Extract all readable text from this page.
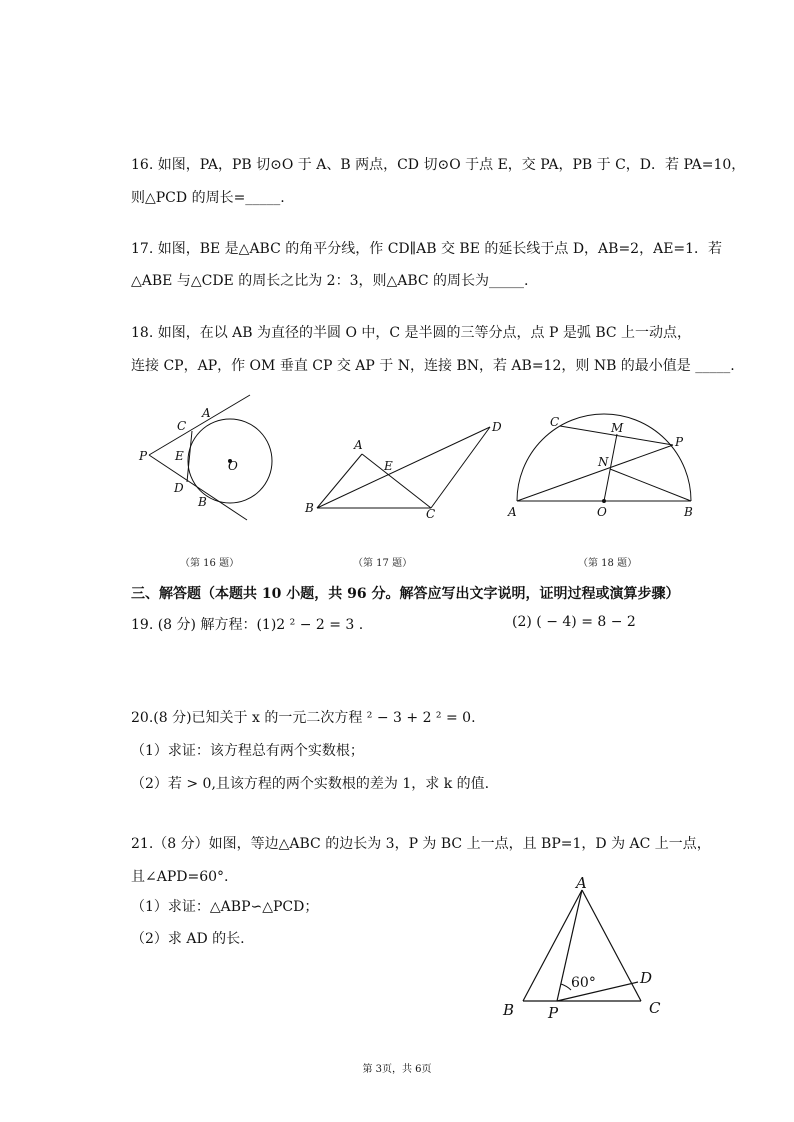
16. 如图，PA，PB 切⊙O 于 A、B 两点，CD 切⊙O 于点 E，交 PA，PB 于 C，D．若 PA=10，
则△PCD 的周长=_____.
17. 如图，BE 是△ABC 的角平分线，作 CD∥AB 交 BE 的延长线于点 D，AB=2，AE=1．若
△ABE 与△CDE 的周长之比为 2：3，则△ABC 的周长为_____.
18. 如图，在以 AB 为直径的半圆 O 中，C 是半圆的三等分点，点 P 是弧 BC 上一动点，
连接 CP，AP，作 OM 垂直 CP 交 AP 于 N，连接 BN，若 AB=12，则 NB 的最小值是 _____.
A
C
P E
O
D
B
（第 16 题）
A
D
E
B	C
（第 17 题）
C	M
P
N
A	O	B
（第 18 题）
三、解答题（本题共 10 小题，共 96 分。解答应写出文字说明，证明过程或演算步骤）
19. (8 分) 解方程：(1)2 ² − 2 = 3 .	(2) ( − 4) = 8 − 2
20.(8 分)已知关于 x 的一元二次方程 ² − 3 + 2 ² = 0.
（1）求证：该方程总有两个实数根；
（2）若 > 0,且该方程的两个实数根的差为 1，求 k 的值.
21.（8 分）如图，等边△ABC 的边长为 3，P 为 BC 上一点，且 BP=1，D 为 AC 上一点，
且∠APD=60°.
（1）求证：△ABP∽△PCD；
（2）求 AD 的长.
A
D
B P	C
60°
第 3页，共 6页
